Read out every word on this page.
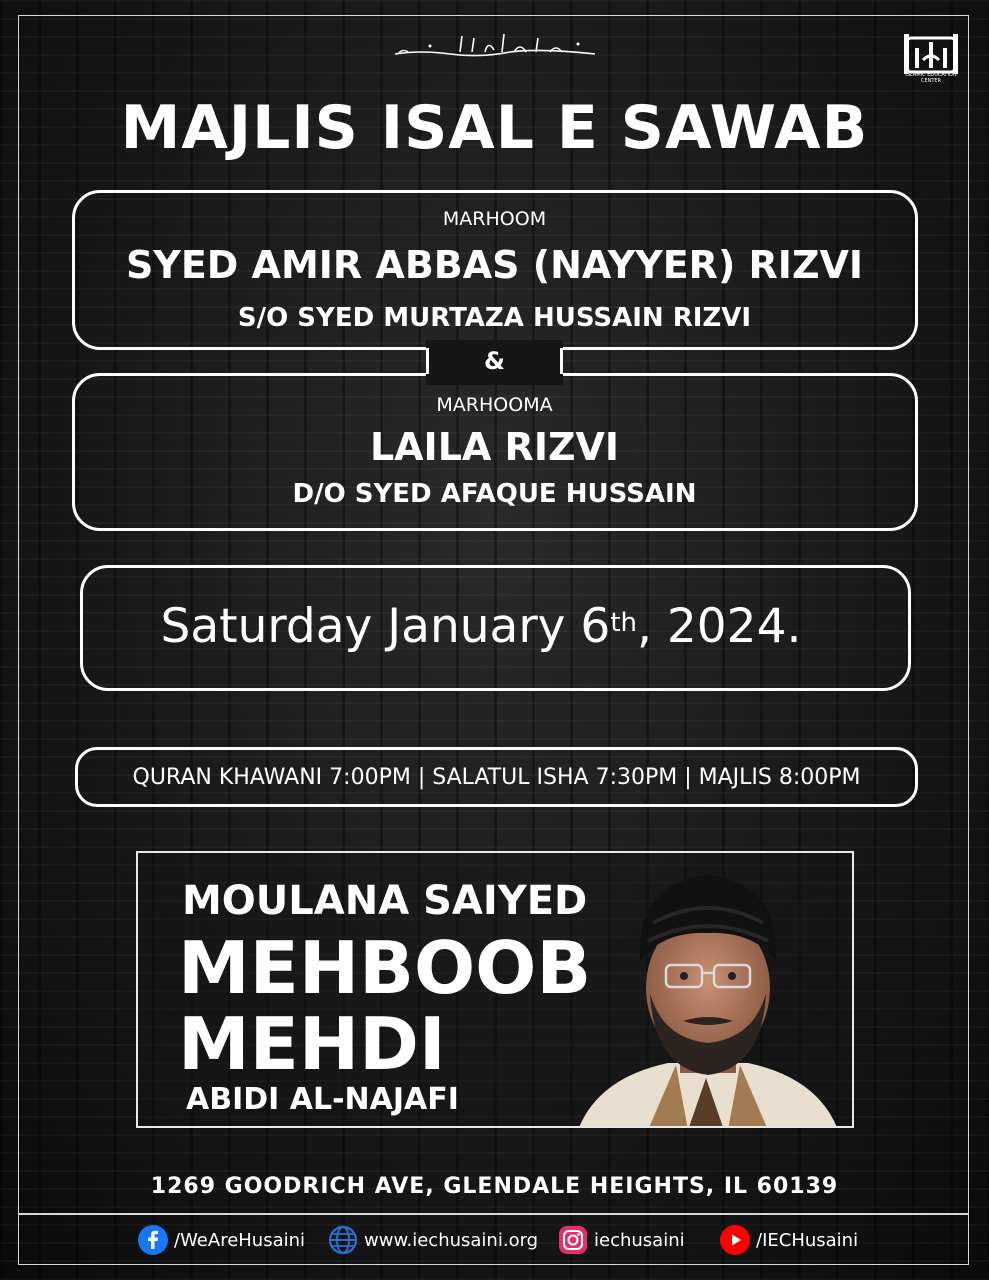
ISLAMIC EDUCATION CENTER
MAJLIS ISAL E SAWAB
&
MARHOOM
SYED AMIR ABBAS (NAYYER) RIZVI
S/O SYED MURTAZA HUSSAIN RIZVI
MARHOOMA
LAILA RIZVI
D/O SYED AFAQUE HUSSAIN
Saturday January 6th, 2024.
QURAN KHAWANI 7:00PM | SALATUL ISHA 7:30PM | MAJLIS 8:00PM
MOULANA SAIYED
MEHBOOB
MEHDI
ABIDI AL-NAJAFI
1269 GOODRICH AVE, GLENDALE HEIGHTS, IL 60139
/WeAreHusaini	www.iechusaini.org	iechusaini	/IECHusaini
